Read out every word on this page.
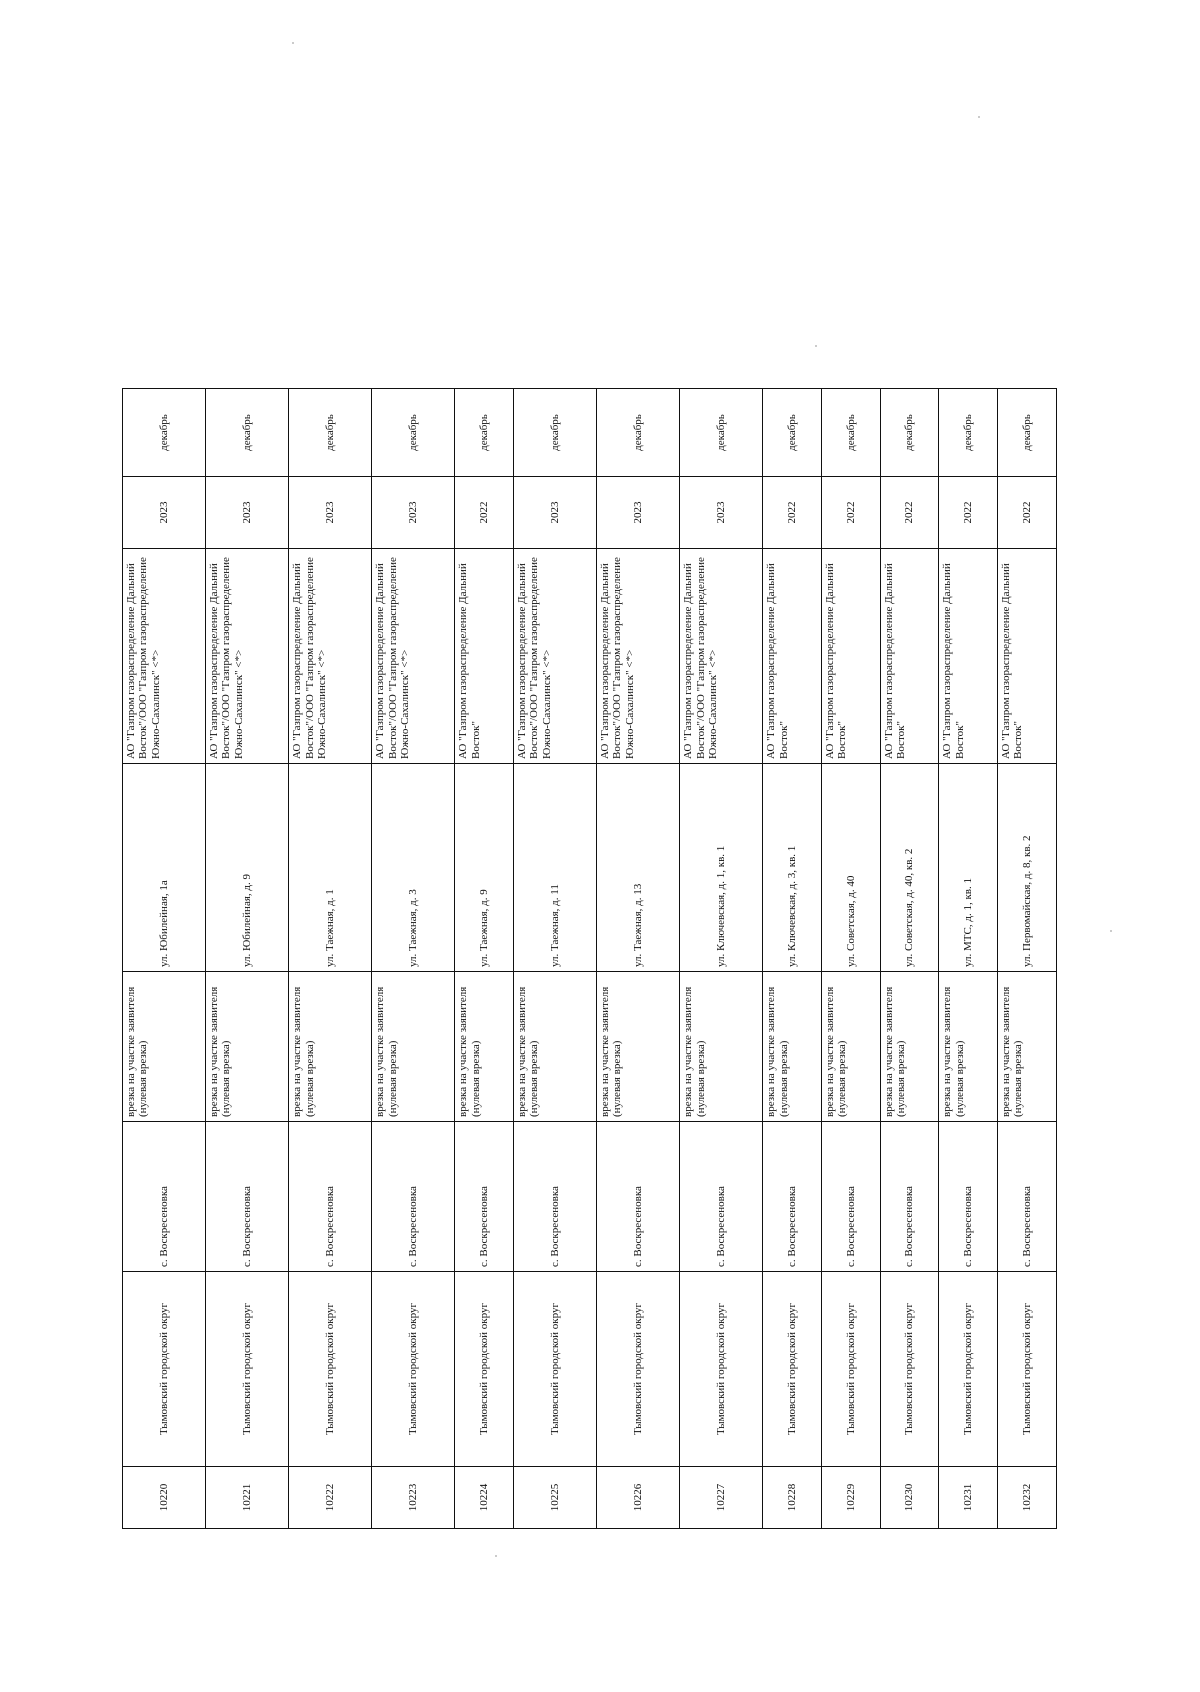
10220	Тымовский городской округ	с. Воскресеновка	врезка на участке заявителя (нулевая врезка)	ул. Юбилейная, 1а	АО "Газпром газораспределение Дальний Восток"/ООО "Газпром газораспределение Южно-Сахалинск" <*>	2023	декабрь
10221	Тымовский городской округ	с. Воскресеновка	врезка на участке заявителя (нулевая врезка)	ул. Юбилейная, д. 9	АО "Газпром газораспределение Дальний Восток"/ООО "Газпром газораспределение Южно-Сахалинск" <*>	2023	декабрь
10222	Тымовский городской округ	с. Воскресеновка	врезка на участке заявителя (нулевая врезка)	ул. Таежная, д. 1	АО "Газпром газораспределение Дальний Восток"/ООО "Газпром газораспределение Южно-Сахалинск" <*>	2023	декабрь
10223	Тымовский городской округ	с. Воскресеновка	врезка на участке заявителя (нулевая врезка)	ул. Таежная, д. 3	АО "Газпром газораспределение Дальний Восток"/ООО "Газпром газораспределение Южно-Сахалинск" <*>	2023	декабрь
10224	Тымовский городской округ	с. Воскресеновка	врезка на участке заявителя (нулевая врезка)	ул. Таежная, д. 9	АО "Газпром газораспределение Дальний Восток"	2022	декабрь
10225	Тымовский городской округ	с. Воскресеновка	врезка на участке заявителя (нулевая врезка)	ул. Таежная, д. 11	АО "Газпром газораспределение Дальний Восток"/ООО "Газпром газораспределение Южно-Сахалинск" <*>	2023	декабрь
10226	Тымовский городской округ	с. Воскресеновка	врезка на участке заявителя (нулевая врезка)	ул. Таежная, д. 13	АО "Газпром газораспределение Дальний Восток"/ООО "Газпром газораспределение Южно-Сахалинск" <*>	2023	декабрь
10227	Тымовский городской округ	с. Воскресеновка	врезка на участке заявителя (нулевая врезка)	ул. Ключевская, д. 1, кв. 1	АО "Газпром газораспределение Дальний Восток"/ООО "Газпром газораспределение Южно-Сахалинск" <*>	2023	декабрь
10228	Тымовский городской округ	с. Воскресеновка	врезка на участке заявителя (нулевая врезка)	ул. Ключевская, д. 3, кв. 1	АО "Газпром газораспределение Дальний Восток"	2022	декабрь
10229	Тымовский городской округ	с. Воскресеновка	врезка на участке заявителя (нулевая врезка)	ул. Советская, д. 40	АО "Газпром газораспределение Дальний Восток"	2022	декабрь
10230	Тымовский городской округ	с. Воскресеновка	врезка на участке заявителя (нулевая врезка)	ул. Советская, д. 40, кв. 2	АО "Газпром газораспределение Дальний Восток"	2022	декабрь
10231	Тымовский городской округ	с. Воскресеновка	врезка на участке заявителя (нулевая врезка)	ул. МТС, д. 1, кв. 1	АО "Газпром газораспределение Дальний Восток"	2022	декабрь
10232	Тымовский городской округ	с. Воскресеновка	врезка на участке заявителя (нулевая врезка)	ул. Первомайская, д. 8, кв. 2	АО "Газпром газораспределение Дальний Восток"	2022	декабрь
